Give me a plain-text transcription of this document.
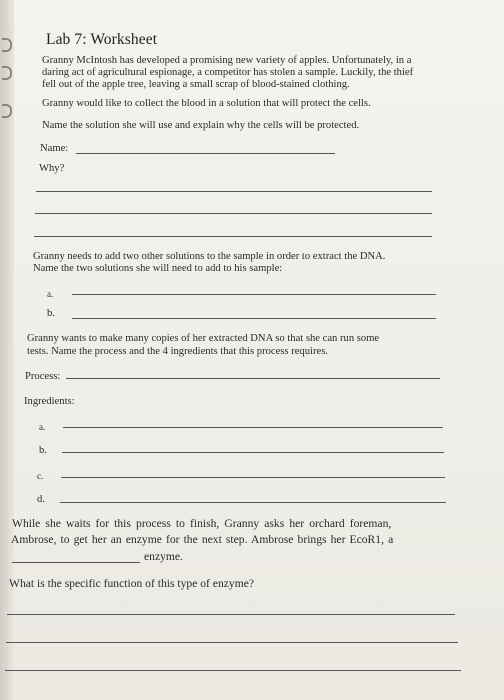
Lab 7: Worksheet
Granny McIntosh has developed a promising new variety of apples. Unfortunately, in a
daring act of agricultural espionage, a competitor has stolen a sample. Luckily, the thief
fell out of the apple tree, leaving a small scrap of blood-stained clothing.
Granny would like to collect the blood in a solution that will protect the cells.
Name the solution she will use and explain why the cells will be protected.
Name:
Why?
Granny needs to add two other solutions to the sample in order to extract the DNA.
Name the two solutions she will need to add to his sample:
a.
b.
Granny wants to make many copies of her extracted DNA so that she can run some
tests. Name the process and the 4 ingredients that this process requires.
Process:
Ingredients:
a.
b.
c.
d.
While she waits for this process to finish, Granny asks her orchard foreman,
Ambrose, to get her an enzyme for the next step. Ambrose brings her EcoR1, a
enzyme.
What is the specific function of this type of enzyme?
